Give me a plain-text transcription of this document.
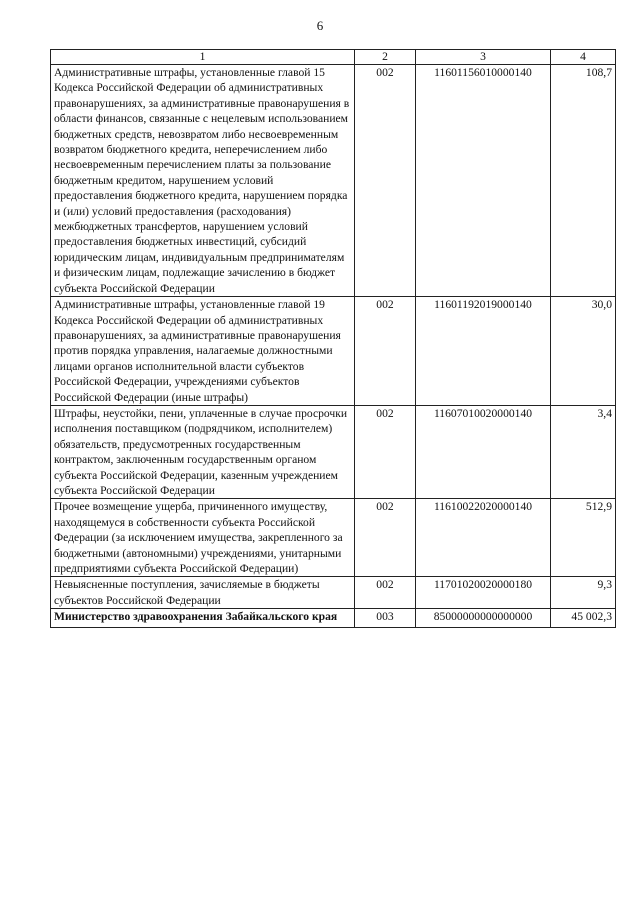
6
1	2	3	4
Административные штрафы, установленные главой 15 Кодекса Российской Федерации об административных правонарушениях, за административные правонарушения в области финансов, связанные с нецелевым использованием бюджетных средств, невозвратом либо несвоевременным возвратом бюджетного кредита, неперечислением либо несвоевременным перечислением платы за пользование бюджетным кредитом, нарушением условий предоставления бюджетного кредита, нарушением порядка и (или) условий предоставления (расходования) межбюджетных трансфертов, нарушением условий предоставления бюджетных инвестиций, субсидий юридическим лицам, индивидуальным предпринимателям и физическим лицам, подлежащие зачислению в бюджет субъекта Российской Федерации	002	11601156010000140	108,7
Административные штрафы, установленные главой 19 Кодекса Российской Федерации об административных правонарушениях, за административные правонарушения против порядка управления, налагаемые должностными лицами органов исполнительной власти субъектов Российской Федерации, учреждениями субъектов Российской Федерации (иные штрафы)	002	11601192019000140	30,0
Штрафы, неустойки, пени, уплаченные в случае просрочки исполнения поставщиком (подрядчиком, исполнителем) обязательств, предусмотренных государственным контрактом, заключенным государственным органом субъекта Российской Федерации, казенным учреждением субъекта Российской Федерации	002	11607010020000140	3,4
Прочее возмещение ущерба, причиненного имуществу, находящемуся в собственности субъекта Российской Федерации (за исключением имущества, закрепленного за бюджетными (автономными) учреждениями, унитарными предприятиями субъекта Российской Федерации)	002	11610022020000140	512,9
Невыясненные поступления, зачисляемые в бюджеты субъектов Российской Федерации	002	11701020020000180	9,3
Министерство здравоохранения Забайкальского края	003	85000000000000000	45 002,3
